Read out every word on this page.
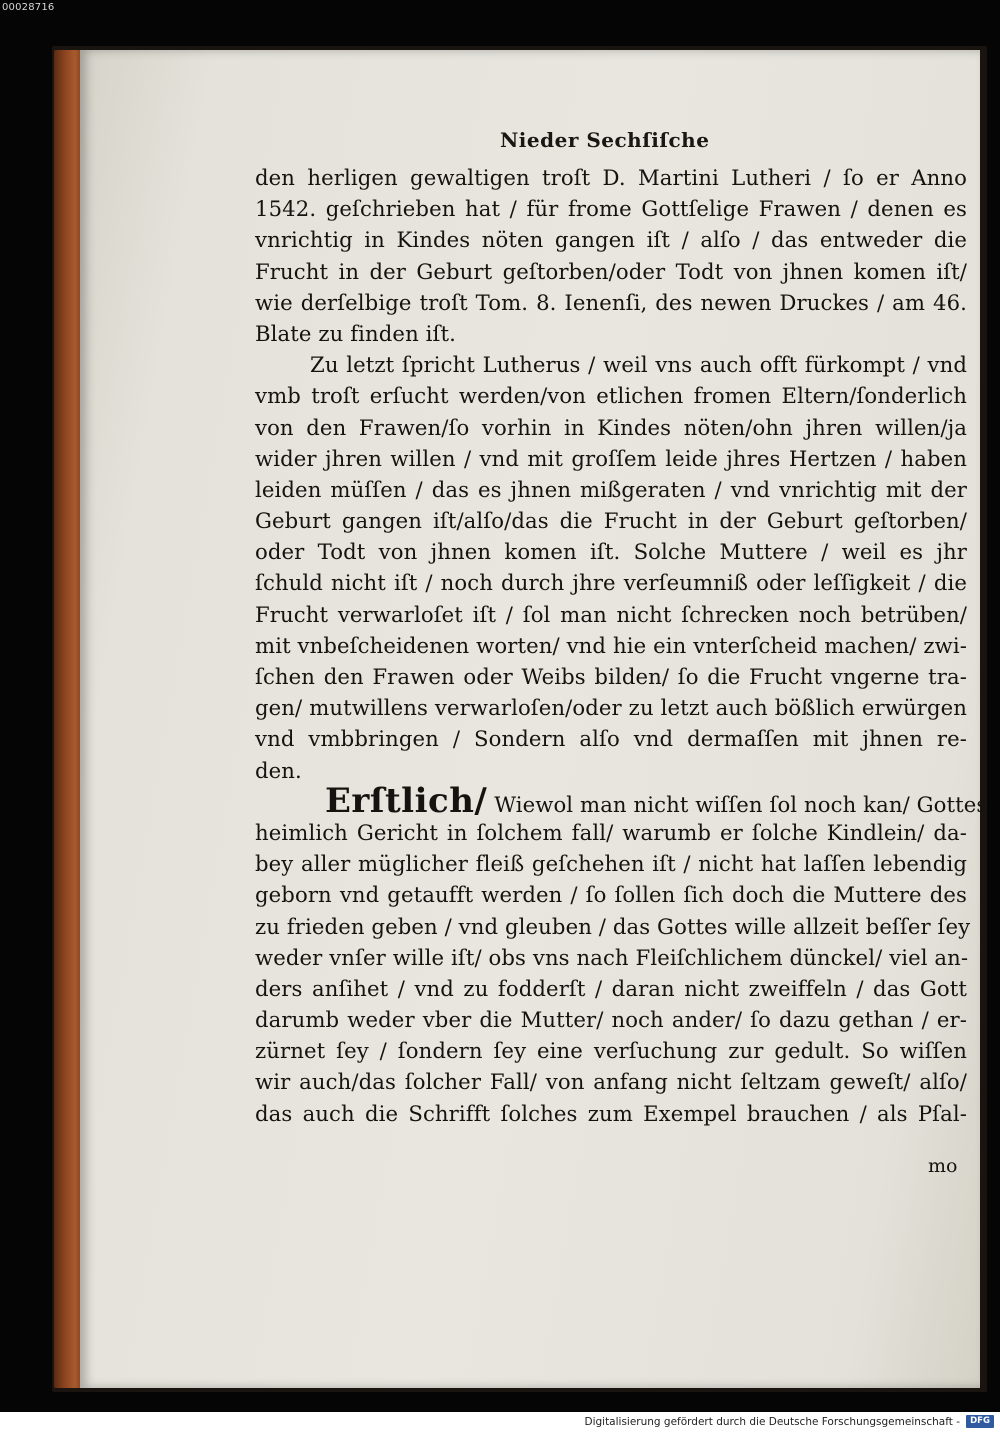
00028716
Nieder Sechſiſche
den herligen gewaltigen troſt D. Martini Lutheri / ſo er Anno
1542. geſchrieben hat / für frome Gottſelige Frawen / denen es
vnrichtig in Kindes nöten gangen iſt / alſo / das entweder die
Frucht in der Geburt geſtorben/oder Todt von jhnen komen iſt/
wie derſelbige troſt Tom. 8. Ienenſi, des newen Druckes / am 46.
Blate zu finden iſt.
Zu letzt ſpricht Lutherus / weil vns auch offt fürkompt / vnd
vmb troſt erſucht werden/von etlichen fromen Eltern/ſonderlich
von den Frawen/ſo vorhin in Kindes nöten/ohn jhren willen/ja
wider jhren willen / vnd mit groſſem leide jhres Hertzen / haben
leiden müſſen / das es jhnen mißgeraten / vnd vnrichtig mit der
Geburt gangen iſt/alſo/das die Frucht in der Geburt geſtorben/
oder Todt von jhnen komen iſt. Solche Muttere / weil es jhr
ſchuld nicht iſt / noch durch jhre verſeumniß oder leſſigkeit / die
Frucht verwarloſet iſt / ſol man nicht ſchrecken noch betrüben/
mit vnbeſcheidenen worten/ vnd hie ein vnterſcheid machen/ zwi-
ſchen den Frawen oder Weibs bilden/ ſo die Frucht vngerne tra-
gen/ mutwillens verwarloſen/oder zu letzt auch bößlich erwürgen
vnd vmbbringen / Sondern alſo vnd dermaſſen mit jhnen re-
den.
Erſtlich/ Wiewol man nicht wiſſen ſol noch kan/ Gottes
heimlich Gericht in ſolchem fall/ warumb er ſolche Kindlein/ da-
bey aller müglicher fleiß geſchehen iſt / nicht hat laſſen lebendig
geborn vnd getaufft werden / ſo ſollen ſich doch die Muttere des
zu frieden geben / vnd gleuben / das Gottes wille allzeit beſſer ſey
weder vnſer wille iſt/ obs vns nach Fleiſchlichem dünckel/ viel an-
ders anſihet / vnd zu fodderſt / daran nicht zweiffeln / das Gott
darumb weder vber die Mutter/ noch ander/ ſo dazu gethan / er-
zürnet ſey / ſondern ſey eine verſuchung zur gedult. So wiſſen
wir auch/das ſolcher Fall/ von anfang nicht ſeltzam geweſt/ alſo/
das auch die Schrifft ſolches zum Exempel brauchen / als Pſal-
mo
Digitalisierung gefördert durch die Deutsche Forschungsgemeinschaft -	DFG
